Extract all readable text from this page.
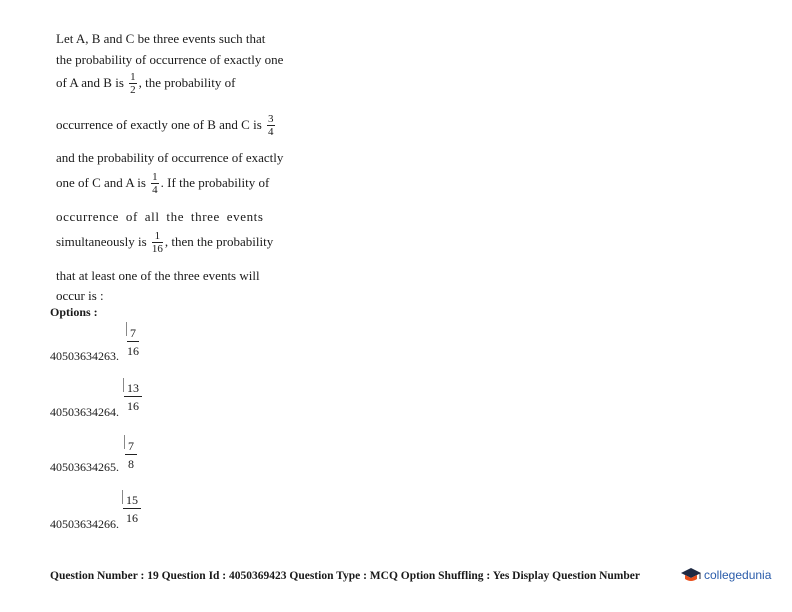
Let A, B and C be three events such that
the probability of occurrence of exactly one
of A and B is $\frac{1}{2}$ , the probability of
occurrence of exactly one of B and C is $\frac{3}{4}$
and the probability of occurrence of exactly
one of C and A is $\frac{1}{4}$ . If the probability of
occurrence of all the three events
simultaneously is $\frac{1}{16}$ , then the probability
that at least one of the three events will
occur is :
Options :
$\frac{7}{16}$
40503634263.
$\frac{13}{16}$
40503634264.
$\frac{7}{8}$
40503634265.
$\frac{15}{16}$
40503634266.
Question Number : 19 Question Id : 4050369423 Question Type : MCQ Option Shuffling : Yes Display Question Number	collegedunia
